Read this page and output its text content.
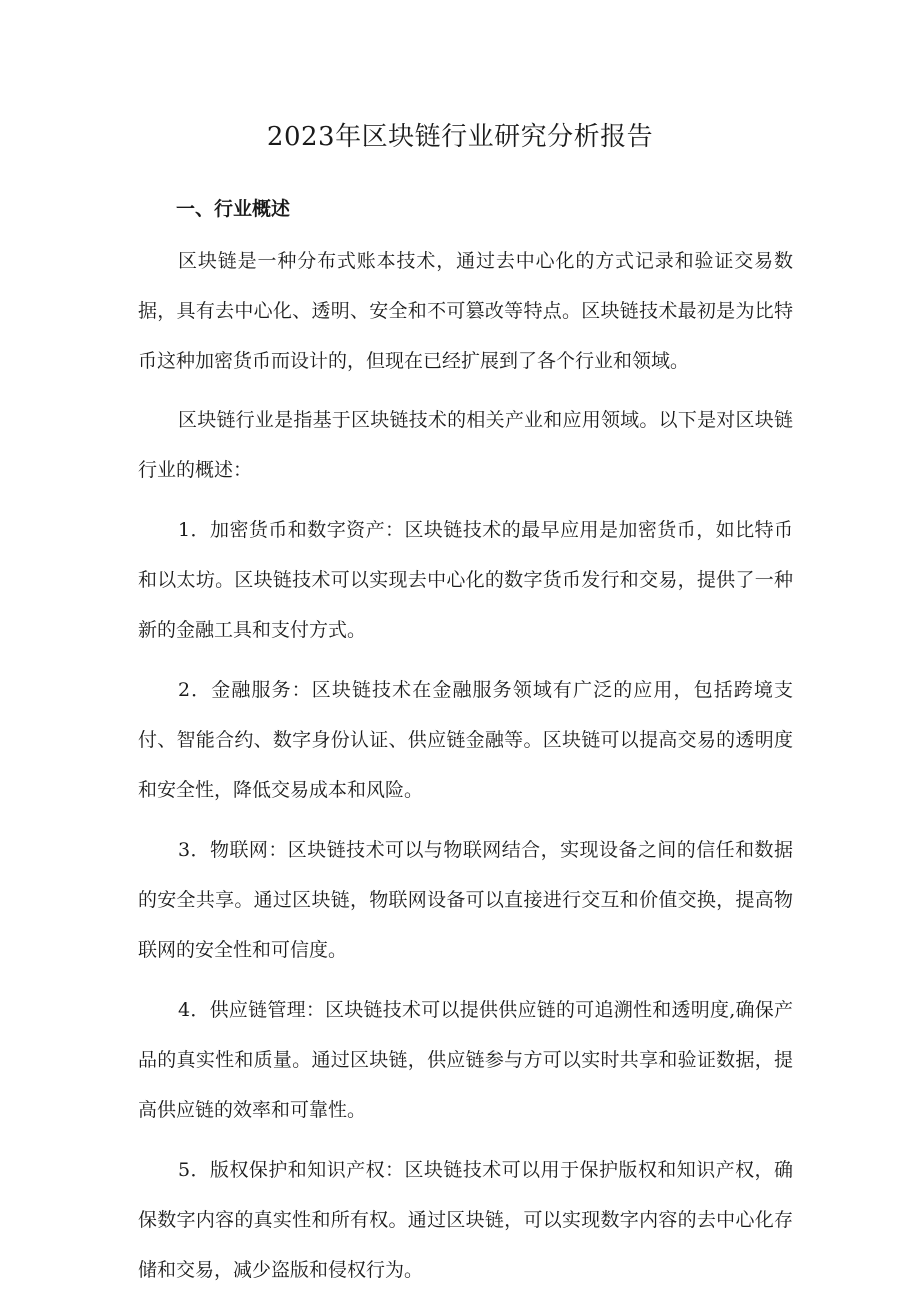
2023年区块链行业研究分析报告
一、行业概述

区块链是一种分布式账本技术，通过去中心化的方式记录和验证交易数据，具有去中心化、透明、安全和不可篡改等特点。区块链技术最初是为比特币这种加密货币而设计的，但现在已经扩展到了各个行业和领域。

区块链行业是指基于区块链技术的相关产业和应用领域。以下是对区块链行业的概述：

1．加密货币和数字资产：区块链技术的最早应用是加密货币，如比特币和以太坊。区块链技术可以实现去中心化的数字货币发行和交易，提供了一种新的金融工具和支付方式。

2．金融服务：区块链技术在金融服务领域有广泛的应用，包括跨境支付、智能合约、数字身份认证、供应链金融等。区块链可以提高交易的透明度和安全性，降低交易成本和风险。

3．物联网：区块链技术可以与物联网结合，实现设备之间的信任和数据的安全共享。通过区块链，物联网设备可以直接进行交互和价值交换，提高物联网的安全性和可信度。

4．供应链管理：区块链技术可以提供供应链的可追溯性和透明度,确保产品的真实性和质量。通过区块链，供应链参与方可以实时共享和验证数据，提高供应链的效率和可靠性。

5．版权保护和知识产权：区块链技术可以用于保护版权和知识产权，确保数字内容的真实性和所有权。通过区块链，可以实现数字内容的去中心化存储和交易，减少盗版和侵权行为。
